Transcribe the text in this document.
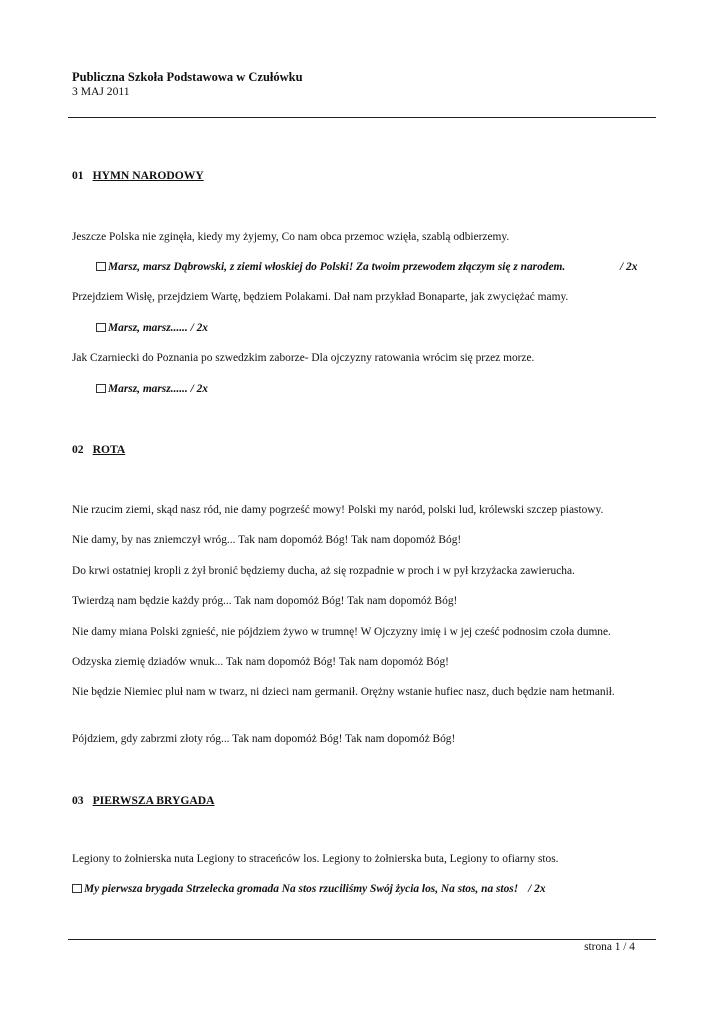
Publiczna Szkoła Podstawowa w Czułówku
3 MAJ 2011
01 HYMN NARODOWY
Jeszcze Polska nie zginęła, kiedy my żyjemy, Co nam obca przemoc wzięła, szablą odbierzemy.
Marsz, marsz Dąbrowski, z ziemi włoskiej do Polski! Za twoim przewodem złączym się z narodem.	/ 2x
Przejdziem Wisłę, przejdziem Wartę, będziem Polakami. Dał nam przykład Bonaparte, jak zwyciężać mamy.
Marsz, marsz...... / 2x
Jak Czarniecki do Poznania po szwedzkim zaborze- Dla ojczyzny ratowania wrócim się przez morze.
Marsz, marsz...... / 2x
02 ROTA
Nie rzucim ziemi, skąd nasz ród, nie damy pogrześć mowy! Polski my naród, polski lud, królewski szczep piastowy.
Nie damy, by nas zniemczył wróg... Tak nam dopomóż Bóg! Tak nam dopomóż Bóg!
Do krwi ostatniej kropli z żył bronić będziemy ducha, aż się rozpadnie w proch i w pył krzyżacka zawierucha.
Twierdzą nam będzie każdy próg... Tak nam dopomóż Bóg! Tak nam dopomóż Bóg!
Nie damy miana Polski zgnieść, nie pójdziem żywo w trumnę! W Ojczyzny imię i w jej cześć podnosim czoła dumne.
Odzyska ziemię dziadów wnuk... Tak nam dopomóż Bóg! Tak nam dopomóż Bóg!
Nie będzie Niemiec pluł nam w twarz, ni dzieci nam germanił. Orężny wstanie hufiec nasz, duch będzie nam hetmanił.
Pójdziem, gdy zabrzmi złoty róg... Tak nam dopomóż Bóg! Tak nam dopomóż Bóg!
03 PIERWSZA BRYGADA
Legiony to żołnierska nuta Legiony to straceńców los. Legiony to żołnierska buta, Legiony to ofiarny stos.
My pierwsza brygada Strzelecka gromada Na stos rzuciliśmy Swój życia los, Na stos, na stos! / 2x
strona 1 / 4
